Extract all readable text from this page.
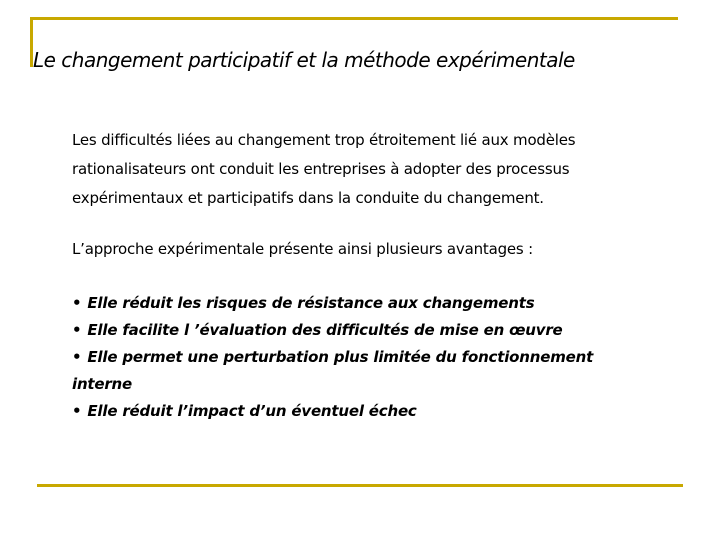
Le changement participatif et la méthode expérimentale

Les difficultés liées au changement trop étroitement lié aux modèles rationalisateurs ont conduit les entreprises à adopter des processus expérimentaux et participatifs dans la conduite du changement.

L’approche expérimentale présente ainsi plusieurs avantages :

• Elle réduit les risques de résistance aux changements
• Elle facilite l ’évaluation des difficultés de mise en œuvre
• Elle permet une perturbation plus limitée du fonctionnement interne
• Elle réduit l’impact d’un éventuel échec
